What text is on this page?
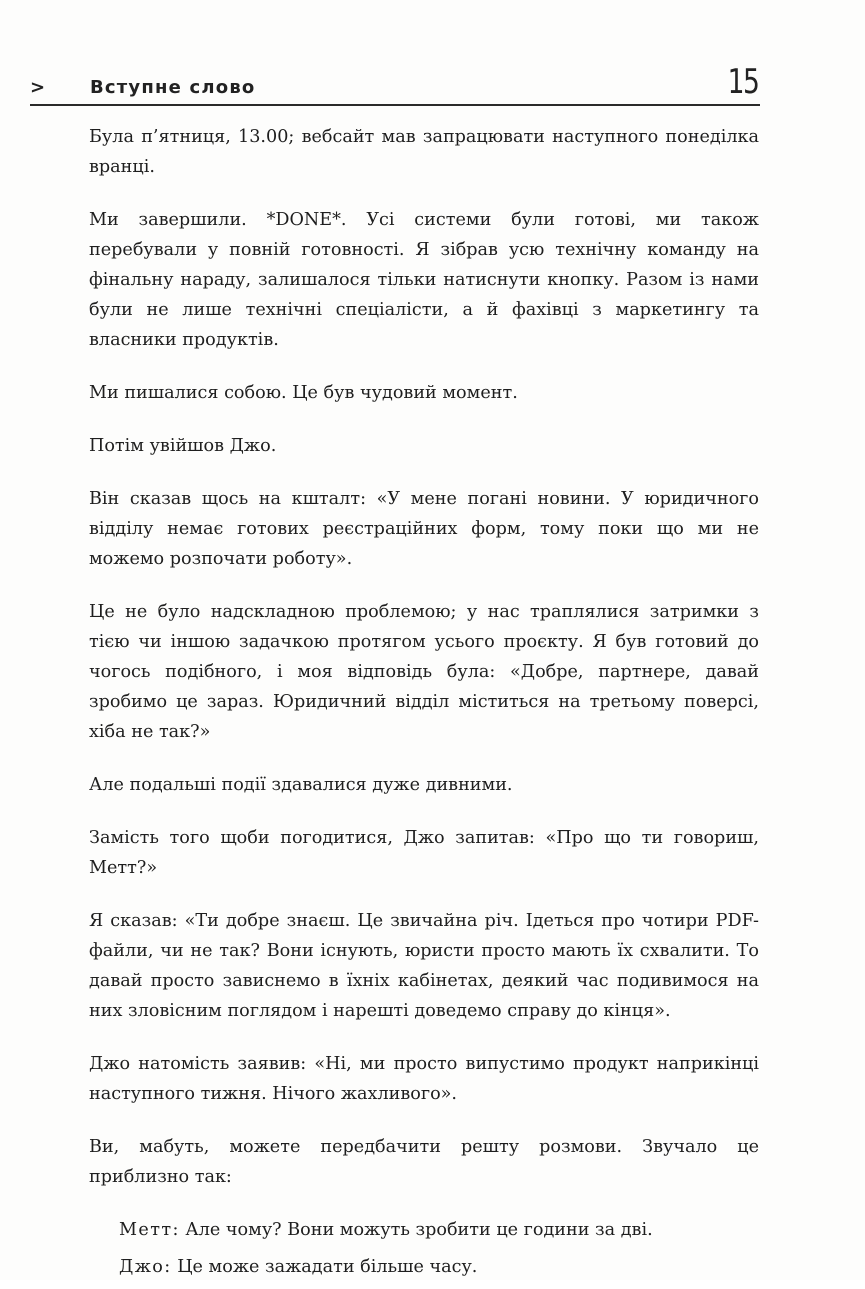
> Вступне слово	15

Була п’ятниця, 13.00; вебсайт мав запрацювати наступного понеділка вранці.

Ми завершили. *DONE*. Усі системи були готові, ми також перебували у повній готовності. Я зібрав усю технічну команду на фінальну нараду, залишалося тільки натиснути кнопку. Разом із нами були не лише технічні спеціалісти, а й фахівці з маркетингу та власники продуктів.

Ми пишалися собою. Це був чудовий момент.

Потім увійшов Джо.

Він сказав щось на кшталт: «У мене погані новини. У юридичного відділу немає готових реєстраційних форм, тому поки що ми не можемо розпочати роботу».

Це не було надскладною проблемою; у нас траплялися затримки з тією чи іншою задачкою протягом усього проєкту. Я був готовий до чогось подібного, і моя відповідь була: «Добре, партнере, давай зробимо це зараз. Юридичний відділ міститься на третьому поверсі, хіба не так?»

Але подальші події здавалися дуже дивними.

Замість того щоби погодитися, Джо запитав: «Про що ти говориш, Метт?»

Я сказав: «Ти добре знаєш. Це звичайна річ. Ідеться про чотири PDF-файли, чи не так? Вони існують, юристи просто мають їх схвалити. То давай просто зависнемо в їхніх кабінетах, деякий час подивимося на них зловісним поглядом і нарешті доведемо справу до кінця».

Джо натомість заявив: «Ні, ми просто випустимо продукт наприкінці наступного тижня. Нічого жахливого».

Ви, мабуть, можете передбачити решту розмови. Звучало це приблизно так:

Метт: Але чому? Вони можуть зробити це години за дві.
Джо: Це може зажадати більше часу.
